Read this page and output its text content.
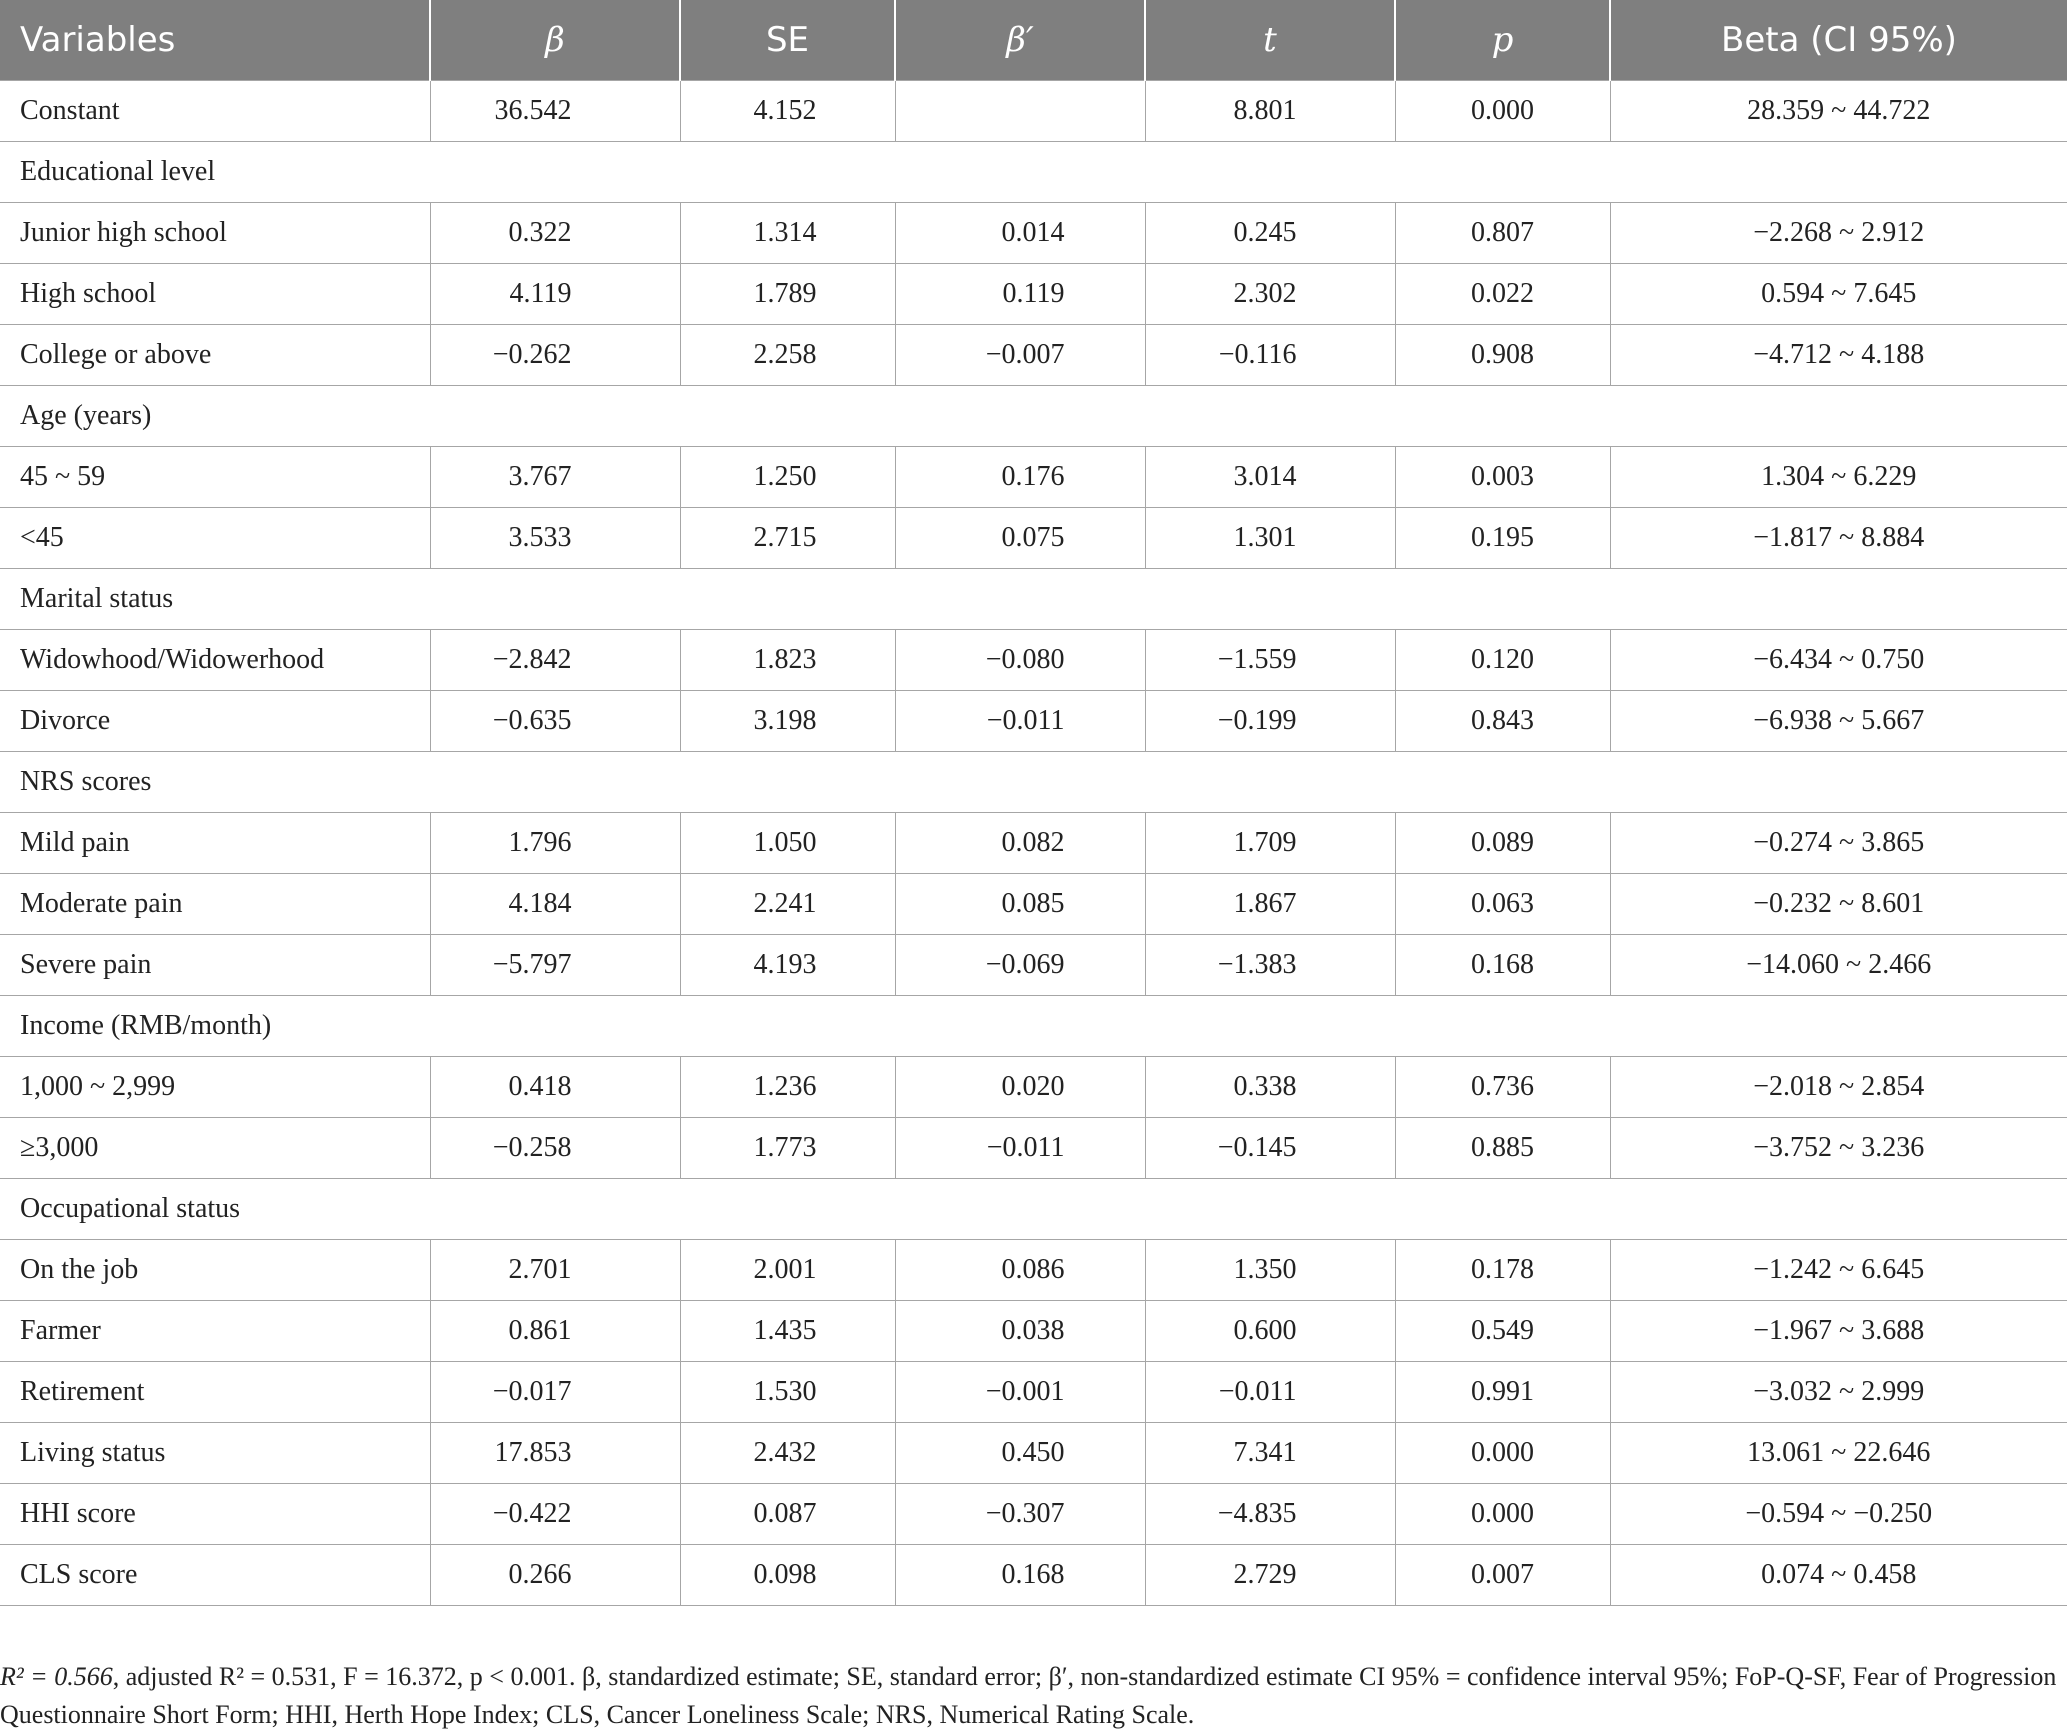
Variables	β	SE	β′	t	p	Beta (CI 95%)
Constant	36.542	4.152		8.801	0.000	28.359 ~ 44.722
Educational level						
Junior high school	0.322	1.314	0.014	0.245	0.807	−2.268 ~ 2.912
High school	4.119	1.789	0.119	2.302	0.022	0.594 ~ 7.645
College or above	−0.262	2.258	−0.007	−0.116	0.908	−4.712 ~ 4.188
Age (years)						
45 ~ 59	3.767	1.250	0.176	3.014	0.003	1.304 ~ 6.229
<45	3.533	2.715	0.075	1.301	0.195	−1.817 ~ 8.884
Marital status						
Widowhood/Widowerhood	−2.842	1.823	−0.080	−1.559	0.120	−6.434 ~ 0.750
Divorce	−0.635	3.198	−0.011	−0.199	0.843	−6.938 ~ 5.667
NRS scores						
Mild pain	1.796	1.050	0.082	1.709	0.089	−0.274 ~ 3.865
Moderate pain	4.184	2.241	0.085	1.867	0.063	−0.232 ~ 8.601
Severe pain	−5.797	4.193	−0.069	−1.383	0.168	−14.060 ~ 2.466
Income (RMB/month)						
1,000 ~ 2,999	0.418	1.236	0.020	0.338	0.736	−2.018 ~ 2.854
≥3,000	−0.258	1.773	−0.011	−0.145	0.885	−3.752 ~ 3.236
Occupational status						
On the job	2.701	2.001	0.086	1.350	0.178	−1.242 ~ 6.645
Farmer	0.861	1.435	0.038	0.600	0.549	−1.967 ~ 3.688
Retirement	−0.017	1.530	−0.001	−0.011	0.991	−3.032 ~ 2.999
Living status	17.853	2.432	0.450	7.341	0.000	13.061 ~ 22.646
HHI score	−0.422	0.087	−0.307	−4.835	0.000	−0.594 ~ −0.250
CLS score	0.266	0.098	0.168	2.729	0.007	0.074 ~ 0.458
R² = 0.566, adjusted R² = 0.531, F = 16.372, p < 0.001. β, standardized estimate; SE, standard error; β′, non-standardized estimate CI 95% = confidence interval 95%; FoP-Q-SF, Fear of Progression Questionnaire Short Form; HHI, Herth Hope Index; CLS, Cancer Loneliness Scale; NRS, Numerical Rating Scale.
